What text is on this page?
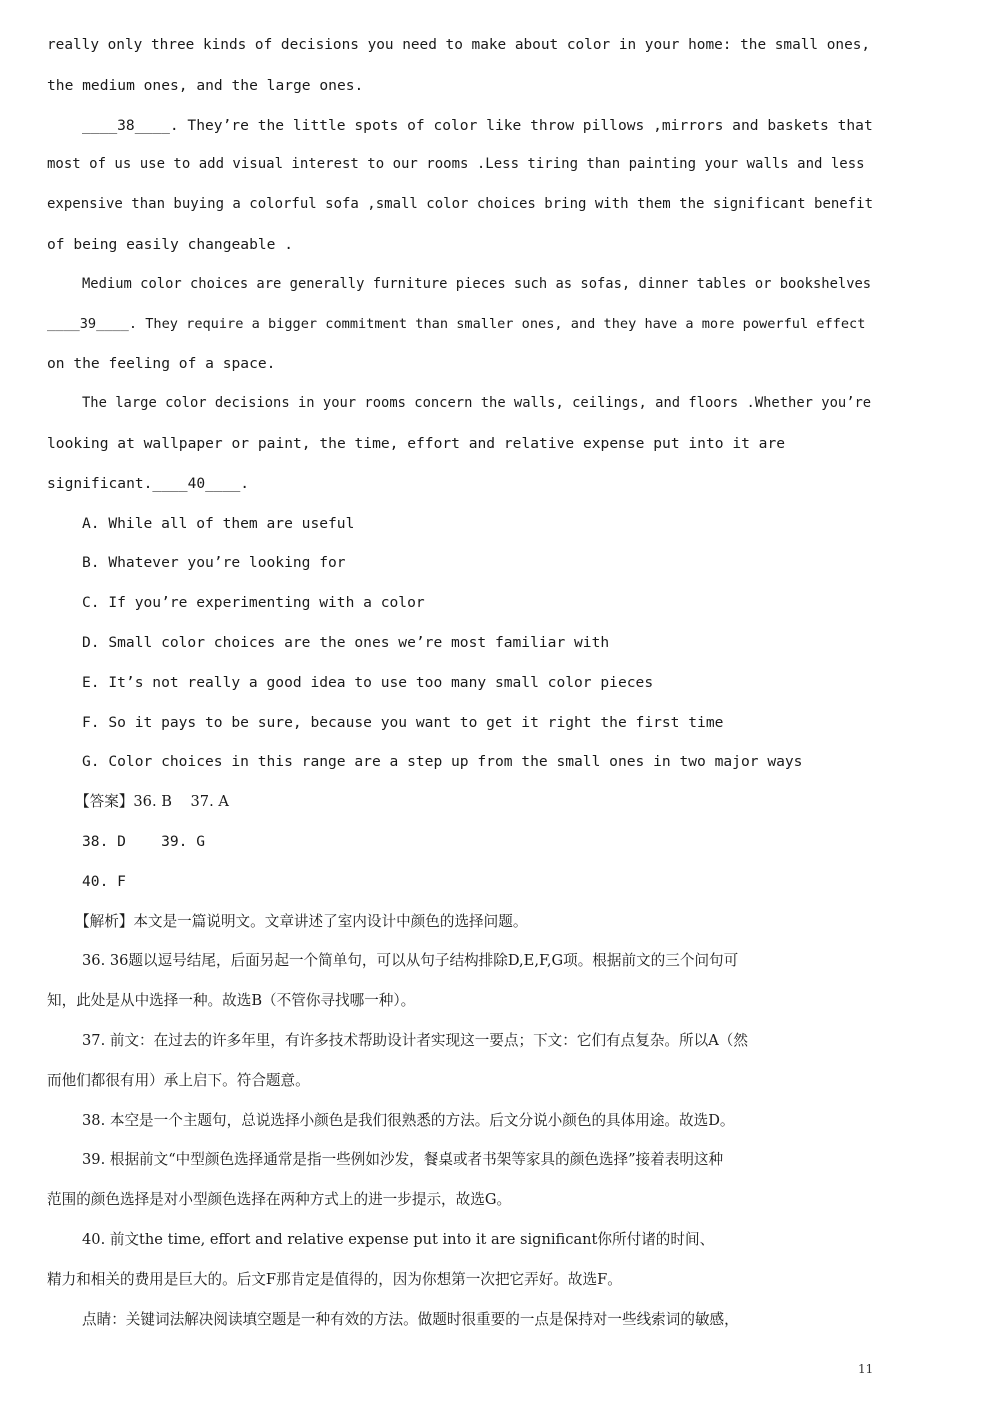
really only three kinds of decisions you need to make about color in your home: the small ones,

the medium ones, and the large ones.

____38____. They’re the little spots of color like throw pillows ,mirrors and baskets that

most of us use to add visual interest to our rooms .Less tiring than painting your walls and less

expensive than buying a colorful sofa ,small color choices bring with them the significant benefit

of being easily changeable .

Medium color choices are generally furniture pieces such as sofas, dinner tables or bookshelves

____39____. They require a bigger commitment than smaller ones, and they have a more powerful effect

on the feeling of a space.

The large color decisions in your rooms concern the walls, ceilings, and floors .Whether you’re

looking at wallpaper or paint, the time, effort and relative expense put into it are

significant.____40____.

A. While all of them are useful

B. Whatever you’re looking for

C. If you’re experimenting with a color

D. Small color choices are the ones we’re most familiar with

E. It’s not really a good idea to use too many small color pieces

F. So it pays to be sure, because you want to get it right the first time

G. Color choices in this range are a step up from the small ones in two major ways

【答案】36. B    37. A

38. D    39. G

40. F

【解析】本文是一篇说明文。文章讲述了室内设计中颜色的选择问题。

36. 36题以逗号结尾，后面另起一个简单句，可以从句子结构排除D,E,F,G项。根据前文的三个问句可

知，此处是从中选择一种。故选B（不管你寻找哪一种）。

37. 前文：在过去的许多年里，有许多技术帮助设计者实现这一要点；下文：它们有点复杂。所以A（然

而他们都很有用）承上启下。符合题意。

38. 本空是一个主题句，总说选择小颜色是我们很熟悉的方法。后文分说小颜色的具体用途。故选D。

39. 根据前文“中型颜色选择通常是指一些例如沙发，餐桌或者书架等家具的颜色选择”接着表明这种

范围的颜色选择是对小型颜色选择在两种方式上的进一步提示，故选G。

40. 前文the time, effort and relative expense put into it are significant你所付诸的时间、

精力和相关的费用是巨大的。后文F那肯定是值得的，因为你想第一次把它弄好。故选F。

点睛：关键词法解决阅读填空题是一种有效的方法。做题时很重要的一点是保持对一些线索词的敏感，

11
